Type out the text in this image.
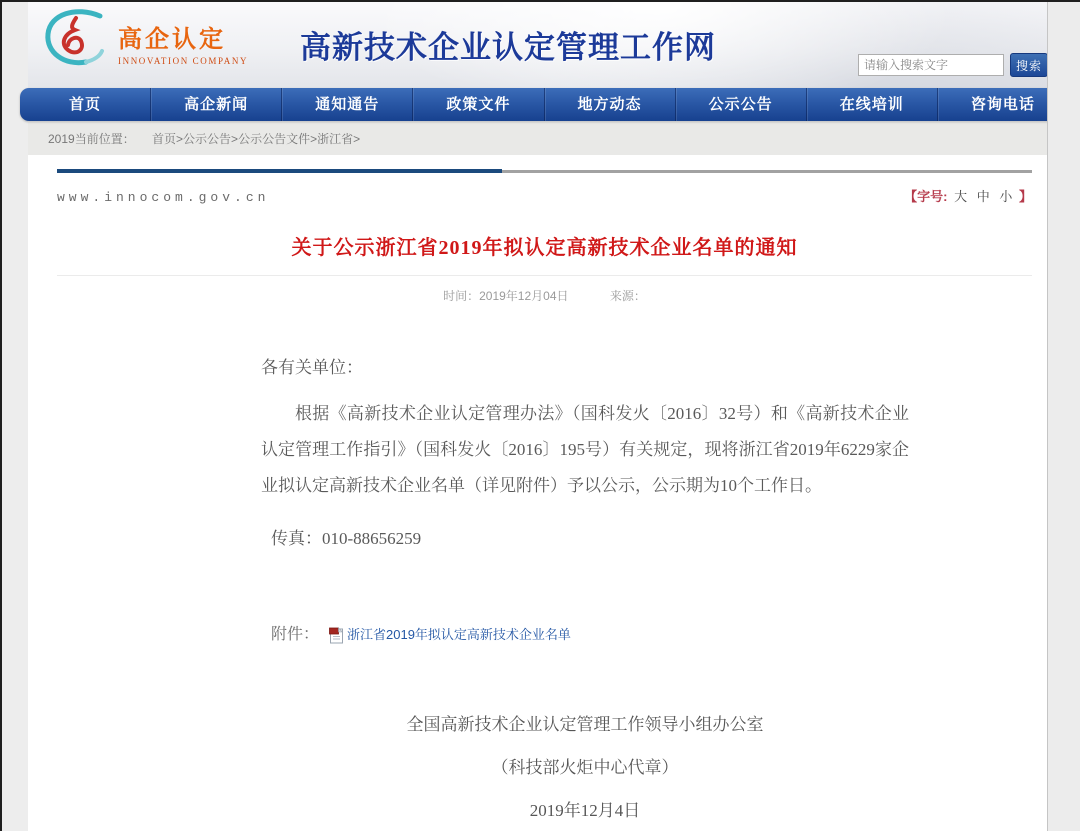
高企认定
INNOVATION COMPANY	高新技术企业认定管理工作网
请输入搜索文字
搜索
首页	高企新闻	通知通告	政策文件	地方动态	公示公告	在线培训	咨询电话
2019当前位置： 首页>公示公告>公示公告文件>浙江省>
www.innocom.gov.cn	【字号: 大 中 小 】
关于公示浙江省2019年拟认定高新技术企业名单的通知
时间：2019年12月04日	来源：
各有关单位：
根据《高新技术企业认定管理办法》（国科发火〔2016〕32号）和《高新技术企业认定管理工作指引》（国科发火〔2016〕195号）有关规定，现将浙江省2019年6229家企业拟认定高新技术企业名单（详见附件）予以公示，公示期为10个工作日。
传真：010-88656259
附件： 浙江省2019年拟认定高新技术企业名单
全国高新技术企业认定管理工作领导小组办公室
（科技部火炬中心代章）
2019年12月4日
